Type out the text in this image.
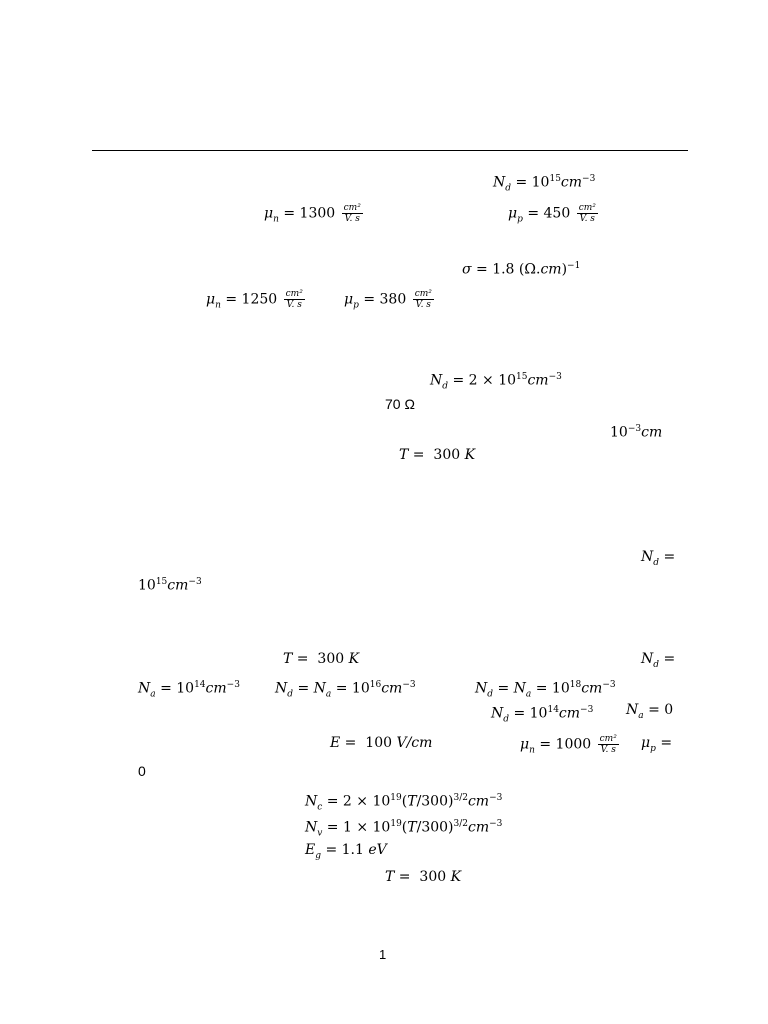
$N_d = 10^{15}cm^{-3}$
$\mu_n = 1300 \frac{\text{cm²}}{V. s}$	$\mu_p = 450 \frac{\text{cm²}}{V. s}$
σ = 1.8 $(\Omega.cm)^{-1}$
$\mu_n = 1250 \frac{\text{cm²}}{V. s}$	$\mu_p = 380 \frac{\text{cm²}}{V. s}$
$N_d = 2 \times 10^{15}cm^{-3}$
70 Ω
$10^{-3}cm$
T =  300 K
$N_d$ =
$10^{15}cm^{-3}$
T =  300 K	$N_d$ =
$N_a = 10^{14}cm^{-3}$	$N_d = N_a = 10^{16}cm^{-3}$	$N_d = N_a = 10^{18}cm^{-3}$
$N_d = 10^{14}cm^{-3}$ $N_a = 0$
E =  100 V/cm	$\mu_n = 1000 \frac{\text{cm²}}{V. s} \mu_p$ =
0
$N_c = 2 \times 10^{19}(T/300)^{3/2}cm^{-3}$
$N_v = 1 \times 10^{19}(T/300)^{3/2}cm^{-3}$
$E_g = 1.1$ eV
T =  300 K
1
